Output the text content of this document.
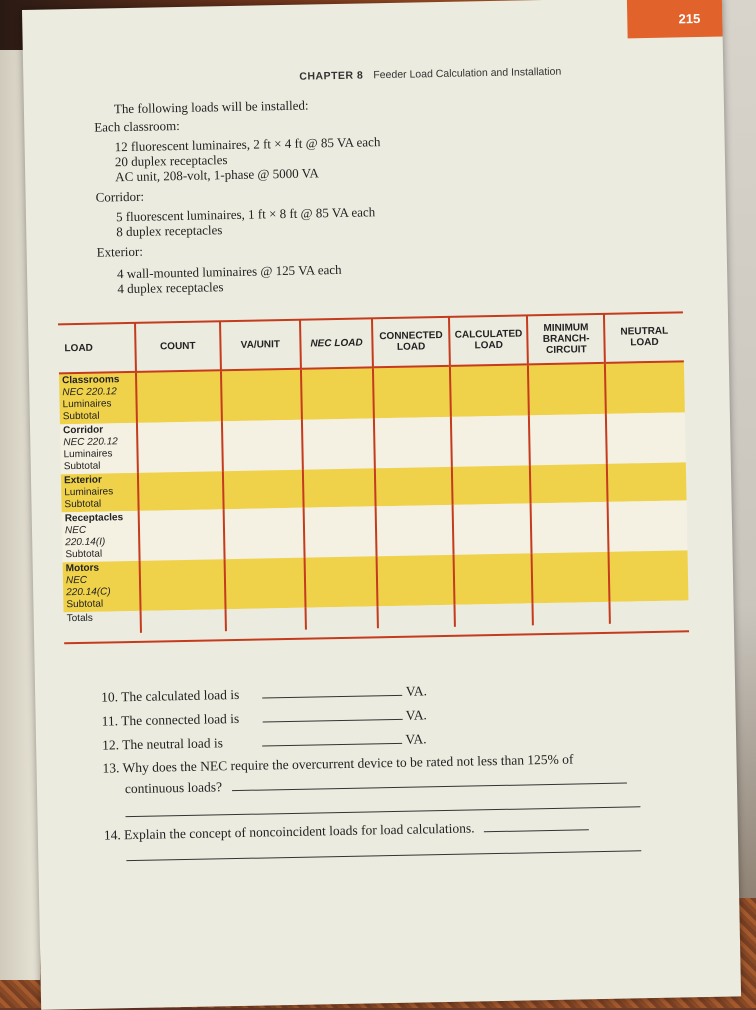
215
CHAPTER 8 Feeder Load Calculation and Installation
The following loads will be installed:
Each classroom:
12 fluorescent luminaires, 2 ft × 4 ft @ 85 VA each
20 duplex receptacles
AC unit, 208-volt, 1-phase @ 5000 VA
Corridor:
5 fluorescent luminaires, 1 ft × 8 ft @ 85 VA each
8 duplex receptacles
Exterior:
4 wall-mounted luminaires @ 125 VA each
4 duplex receptacles
LOAD	COUNT	VA/UNIT	NEC LOAD	CONNECTED LOAD	CALCULATED LOAD	MINIMUM BRANCH-CIRCUIT	NEUTRAL LOAD

Classrooms
NEC 220.12
Luminaires
Subtotal							

Corridor
NEC 220.12
Luminaires
Subtotal							

Exterior
Luminaires
Subtotal							

Receptacles
NEC
220.14(I)
Subtotal							

Motors
NEC
220.14(C)
Subtotal							

Totals							
10. The calculated load is	VA.
11. The connected load is	VA.
12. The neutral load is	VA.
13. Why does the NEC require the overcurrent device to be rated not less than 125% of
continuous loads?
14. Explain the concept of noncoincident loads for load calculations.
